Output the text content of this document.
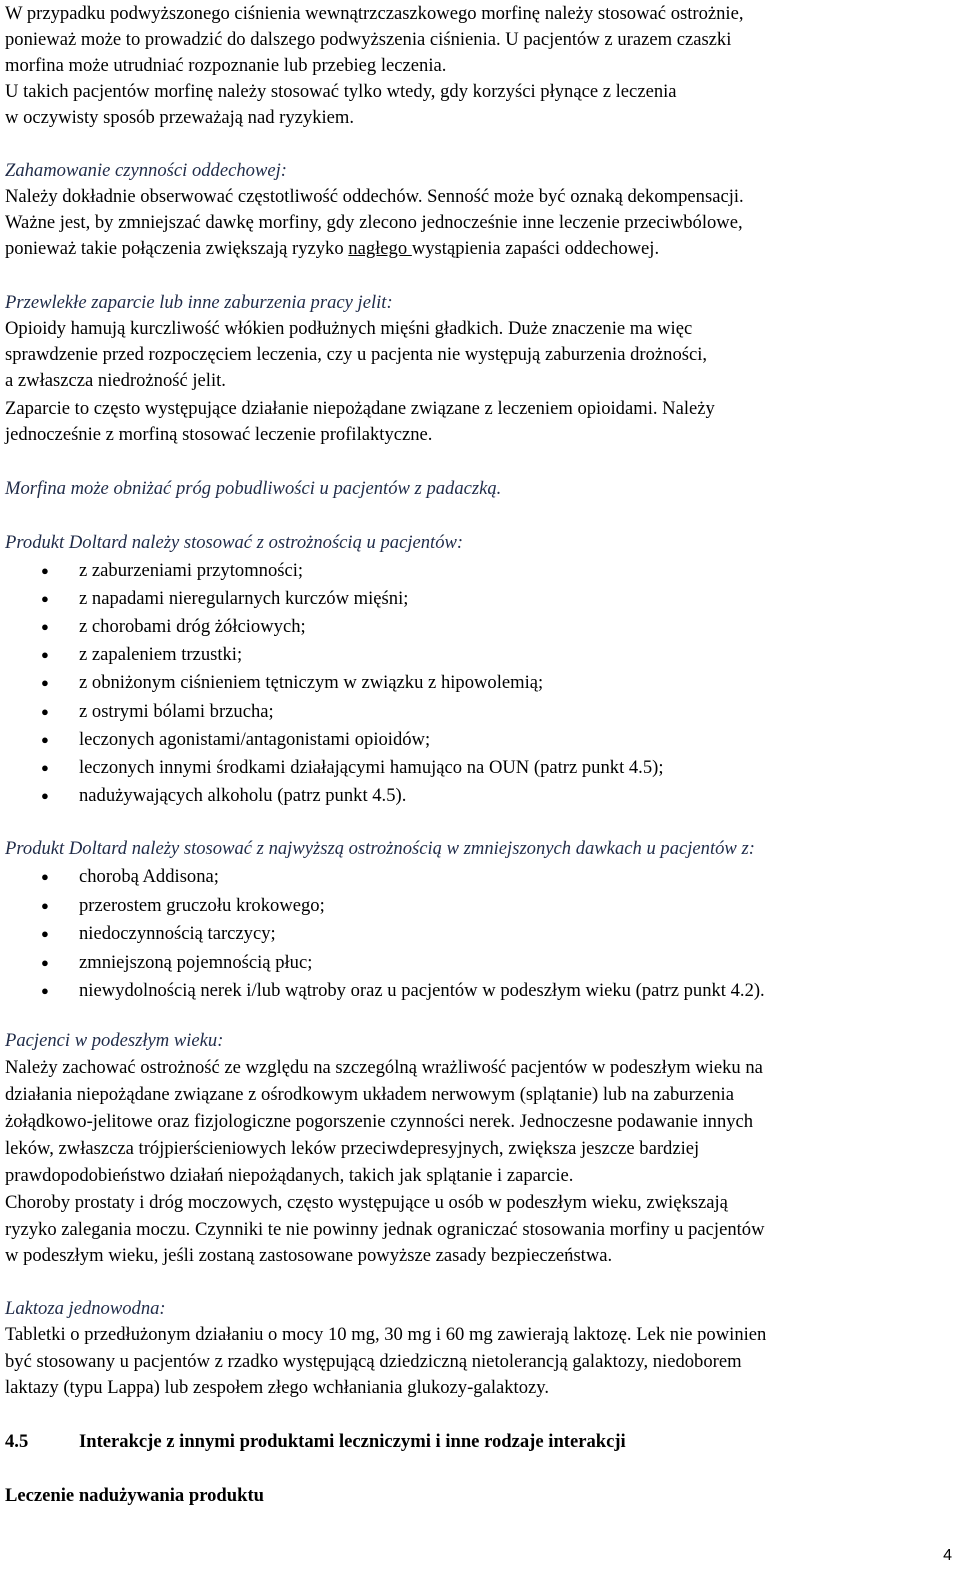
W przypadku podwyższonego ciśnienia wewnątrzczaszkowego morfinę należy stosować ostrożnie,
ponieważ może to prowadzić do dalszego podwyższenia ciśnienia. U pacjentów z urazem czaszki
morfina może utrudniać rozpoznanie lub przebieg leczenia.
U takich pacjentów morfinę należy stosować tylko wtedy, gdy korzyści płynące z leczenia
w oczywisty sposób przeważają nad ryzykiem.
Zahamowanie czynności oddechowej:
Należy dokładnie obserwować częstotliwość oddechów. Senność może być oznaką dekompensacji.
Ważne jest, by zmniejszać dawkę morfiny, gdy zlecono jednocześnie inne leczenie przeciwbólowe,
ponieważ takie połączenia zwiększają ryzyko nagłego wystąpienia zapaści oddechowej.
Przewlekłe zaparcie lub inne zaburzenia pracy jelit:
Opioidy hamują kurczliwość włókien podłużnych mięśni gładkich. Duże znaczenie ma więc
sprawdzenie przed rozpoczęciem leczenia, czy u pacjenta nie występują zaburzenia drożności,
a zwłaszcza niedrożność jelit.
Zaparcie to często występujące działanie niepożądane związane z leczeniem opioidami. Należy
jednocześnie z morfiną stosować leczenie profilaktyczne.
Morfina może obniżać próg pobudliwości u pacjentów z padaczką.
Produkt Doltard należy stosować z ostrożnością u pacjentów:
● z zaburzeniami przytomności;
● z napadami nieregularnych kurczów mięśni;
● z chorobami dróg żółciowych;
● z zapaleniem trzustki;
● z obniżonym ciśnieniem tętniczym w związku z hipowolemią;
● z ostrymi bólami brzucha;
● leczonych agonistami/antagonistami opioidów;
● leczonych innymi środkami działającymi hamująco na OUN (patrz punkt 4.5);
● nadużywających alkoholu (patrz punkt 4.5).
Produkt Doltard należy stosować z najwyższą ostrożnością w zmniejszonych dawkach u pacjentów z:
● chorobą Addisona;
● przerostem gruczołu krokowego;
● niedoczynnością tarczycy;
● zmniejszoną pojemnością płuc;
● niewydolnością nerek i/lub wątroby oraz u pacjentów w podeszłym wieku (patrz punkt 4.2).
Pacjenci w podeszłym wieku:
Należy zachować ostrożność ze względu na szczególną wrażliwość pacjentów w podeszłym wieku na
działania niepożądane związane z ośrodkowym układem nerwowym (splątanie) lub na zaburzenia
żołądkowo-jelitowe oraz fizjologiczne pogorszenie czynności nerek. Jednoczesne podawanie innych
leków, zwłaszcza trójpierścieniowych leków przeciwdepresyjnych, zwiększa jeszcze bardziej
prawdopodobieństwo działań niepożądanych, takich jak splątanie i zaparcie.
Choroby prostaty i dróg moczowych, często występujące u osób w podeszłym wieku, zwiększają
ryzyko zalegania moczu. Czynniki te nie powinny jednak ograniczać stosowania morfiny u pacjentów
w podeszłym wieku, jeśli zostaną zastosowane powyższe zasady bezpieczeństwa.
Laktoza jednowodna:
Tabletki o przedłużonym działaniu o mocy 10 mg, 30 mg i 60 mg zawierają laktozę. Lek nie powinien
być stosowany u pacjentów z rzadko występującą dziedziczną nietolerancją galaktozy, niedoborem
laktazy (typu Lappa) lub zespołem złego wchłaniania glukozy-galaktozy.
4.5	Interakcje z innymi produktami leczniczymi i inne rodzaje interakcji
Leczenie nadużywania produktu
4
